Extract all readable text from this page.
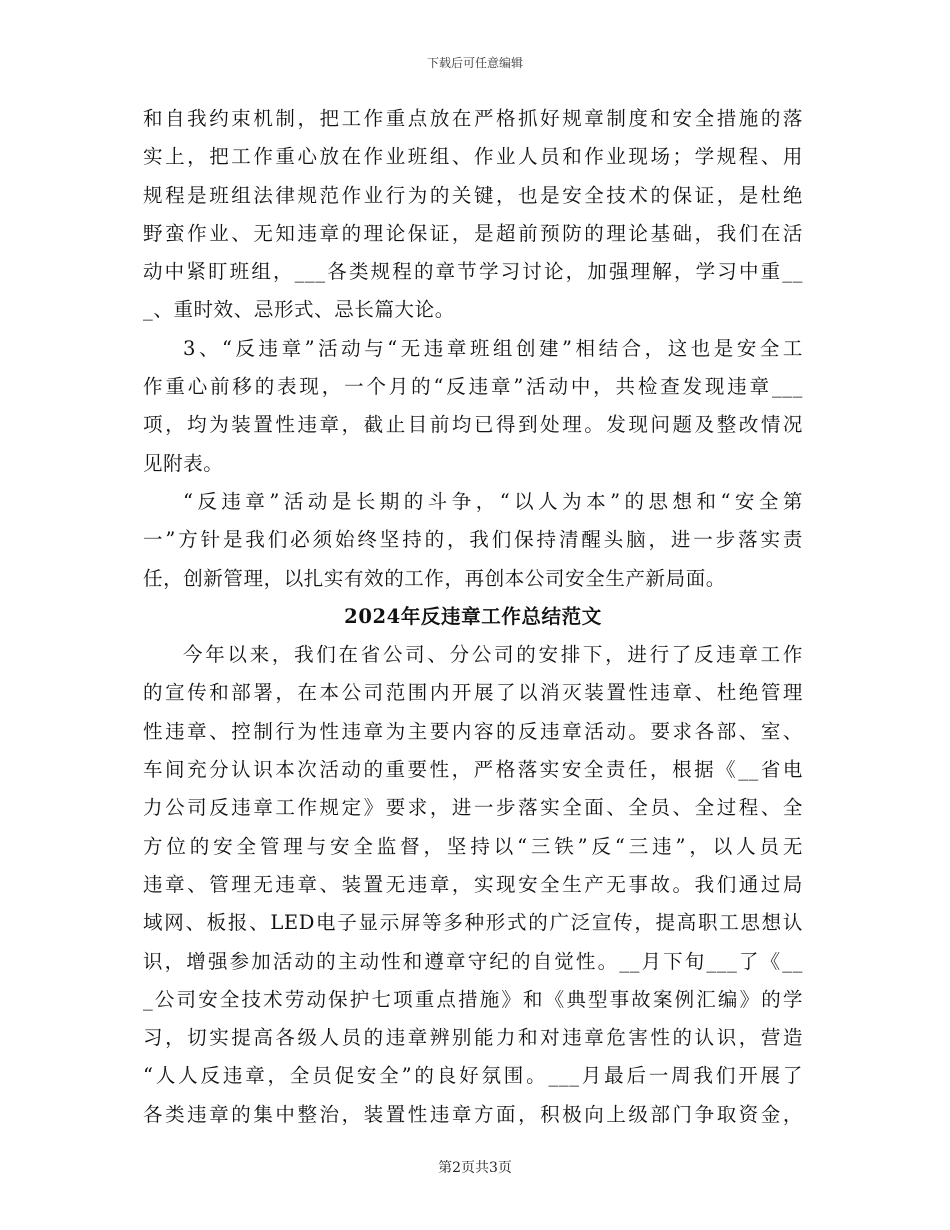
下载后可任意编辑
和自我约束机制，把工作重点放在严格抓好规章制度和安全措施的落
实上，把工作重心放在作业班组、作业人员和作业现场；学规程、用
规程是班组法律规范作业行为的关键，也是安全技术的保证，是杜绝
野蛮作业、无知违章的理论保证，是超前预防的理论基础，我们在活
动中紧盯班组，___各类规程的章节学习讨论，加强理解，学习中重__
_、重时效、忌形式、忌长篇大论。
3、“反违章”活动与“无违章班组创建”相结合，这也是安全工
作重心前移的表现，一个月的“反违章”活动中，共检查发现违章___
项，均为装置性违章，截止目前均已得到处理。发现问题及整改情况
见附表。
“反违章”活动是长期的斗争，“以人为本”的思想和“安全第
一”方针是我们必须始终坚持的，我们保持清醒头脑，进一步落实责
任，创新管理，以扎实有效的工作，再创本公司安全生产新局面。
2024年反违章工作总结范文
今年以来，我们在省公司、分公司的安排下，进行了反违章工作
的宣传和部署，在本公司范围内开展了以消灭装置性违章、杜绝管理
性违章、控制行为性违章为主要内容的反违章活动。要求各部、室、
车间充分认识本次活动的重要性，严格落实安全责任，根据《__省电
力公司反违章工作规定》要求，进一步落实全面、全员、全过程、全
方位的安全管理与安全监督，坚持以“三铁”反“三违”，以人员无
违章、管理无违章、装置无违章，实现安全生产无事故。我们通过局
域网、板报、LED电子显示屏等多种形式的广泛宣传，提高职工思想认
识，增强参加活动的主动性和遵章守纪的自觉性。__月下旬___了《__
_公司安全技术劳动保护七项重点措施》和《典型事故案例汇编》的学
习，切实提高各级人员的违章辨别能力和对违章危害性的认识，营造
“人人反违章，全员促安全”的良好氛围。___月最后一周我们开展了
各类违章的集中整治，装置性违章方面，积极向上级部门争取资金，
第2页共3页
